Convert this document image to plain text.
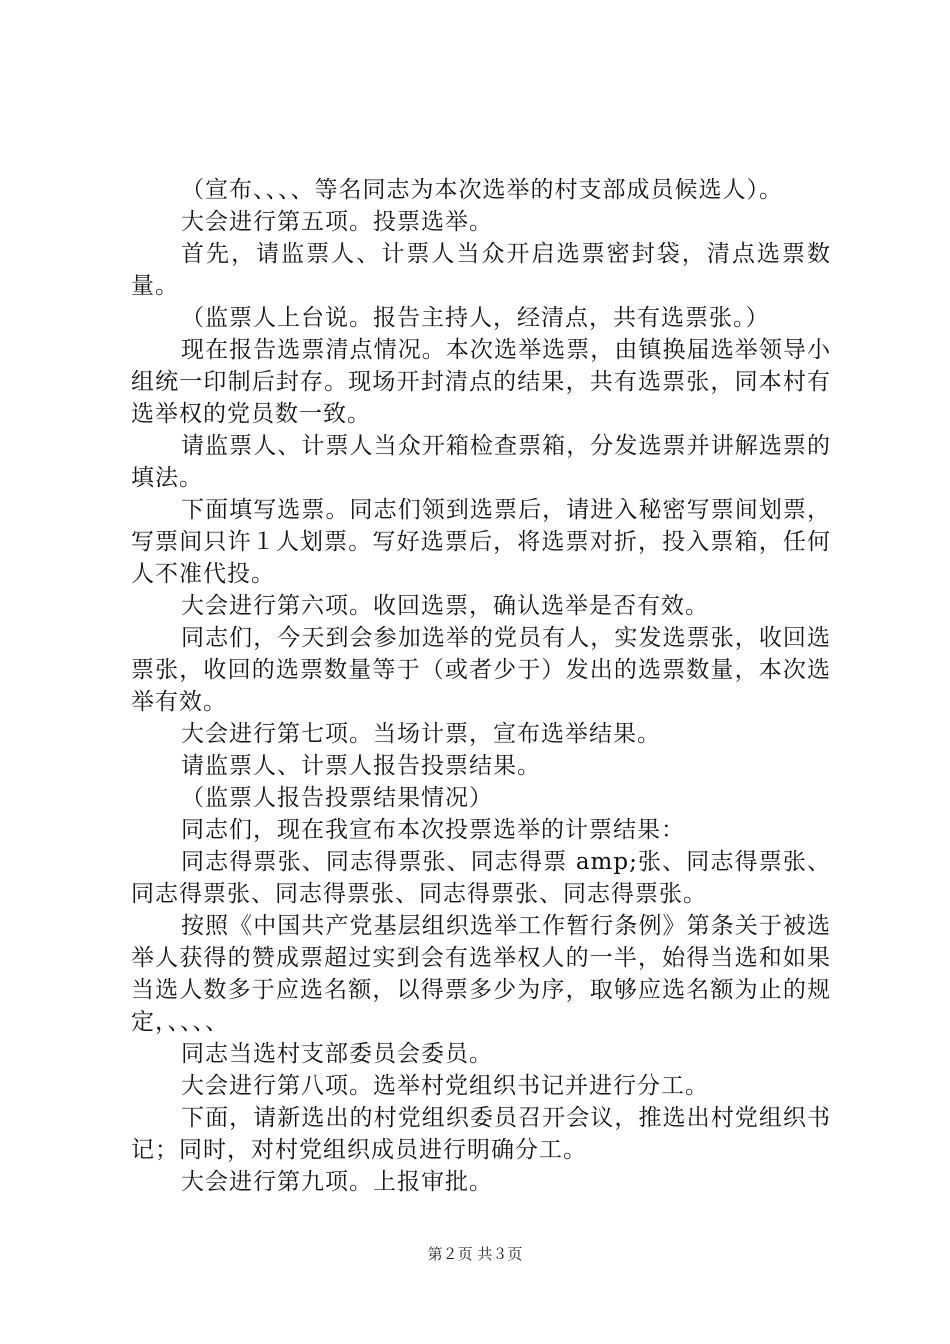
（宣布、、、、等名同志为本次选举的村支部成员候选人）。

大会进行第五项。投票选举。

首先，请监票人、计票人当众开启选票密封袋，清点选票数量。

（监票人上台说。报告主持人，经清点，共有选票张。）

现在报告选票清点情况。本次选举选票，由镇换届选举领导小组统一印制后封存。现场开封清点的结果，共有选票张，同本村有选举权的党员数一致。

请监票人、计票人当众开箱检查票箱，分发选票并讲解选票的填法。

下面填写选票。同志们领到选票后，请进入秘密写票间划票，写票间只许１人划票。写好选票后，将选票对折，投入票箱，任何人不准代投。

大会进行第六项。收回选票，确认选举是否有效。

同志们，今天到会参加选举的党员有人，实发选票张，收回选票张，收回的选票数量等于（或者少于）发出的选票数量，本次选举有效。

大会进行第七项。当场计票，宣布选举结果。

请监票人、计票人报告投票结果。

（监票人报告投票结果情况）

同志们，现在我宣布本次投票选举的计票结果：

同志得票张、同志得票张、同志得票 amp;张、同志得票张、同志得票张、同志得票张、同志得票张、同志得票张。

按照《中国共产党基层组织选举工作暂行条例》第条关于被选举人获得的赞成票超过实到会有选举权人的一半，始得当选和如果当选人数多于应选名额，以得票多少为序，取够应选名额为止的规定，、、、、

同志当选村支部委员会委员。

大会进行第八项。选举村党组织书记并进行分工。

下面，请新选出的村党组织委员召开会议，推选出村党组织书记；同时，对村党组织成员进行明确分工。

大会进行第九项。上报审批。

第２页 共３页
